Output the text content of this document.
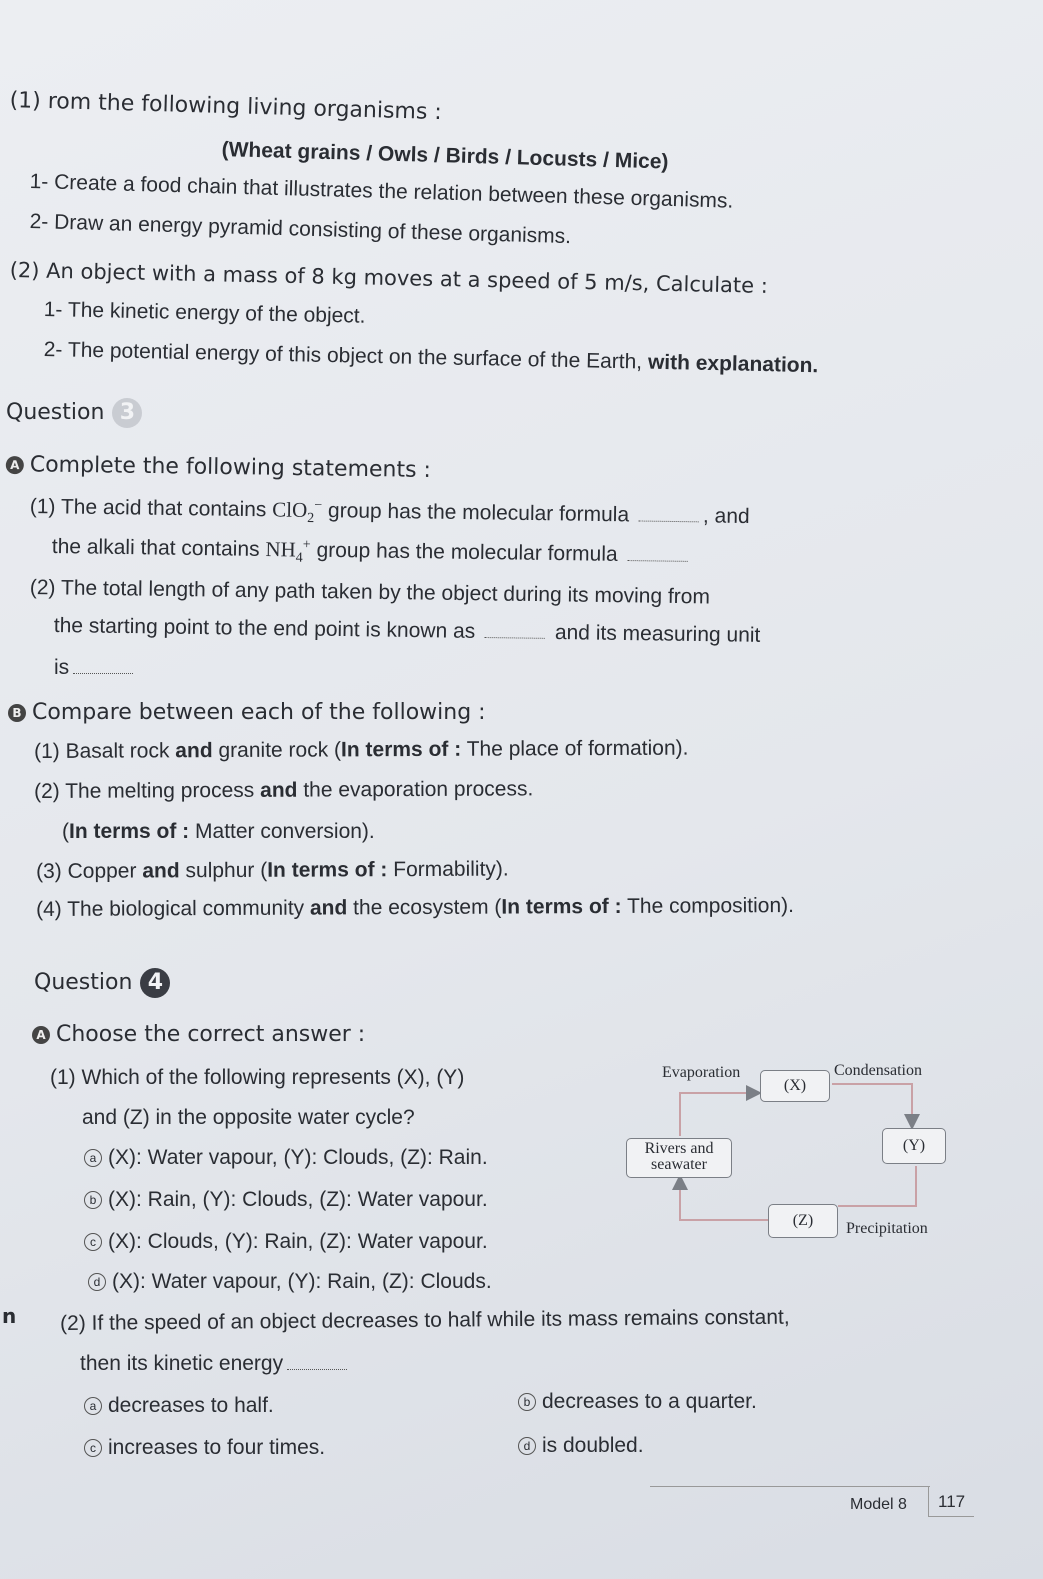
(1) rom the following living organisms :
(Wheat grains / Owls / Birds / Locusts / Mice)
1- Create a food chain that illustrates the relation between these organisms.
2- Draw an energy pyramid consisting of these organisms.
(2) An object with a mass of 8 kg moves at a speed of 5 m/s, Calculate :
1- The kinetic energy of the object.
2- The potential energy of this object on the surface of the Earth, with explanation.
Question 3
A Complete the following statements :
(1) The acid that contains ClO$_2$− group has the molecular formula	, and
the alkali that contains $NH_4^+$ group has the molecular formula
(2) The total length of any path taken by the object during its moving from
the starting point to the end point is known as	and its measuring unit
is
B Compare between each of the following :
(1) Basalt rock and granite rock (In terms of : The place of formation).
(2) The melting process and the evaporation process.
(In terms of : Matter conversion).
(3) Copper and sulphur (In terms of : Formability).
(4) The biological community and the ecosystem (In terms of : The composition).
Question 4
A Choose the correct answer :
(1) Which of the following represents (X), (Y)
and (Z) in the opposite water cycle?
a (X): Water vapour, (Y): Clouds, (Z): Rain.
b (X): Rain, (Y): Clouds, (Z): Water vapour.
c (X): Clouds, (Y): Rain, (Z): Water vapour.
d (X): Water vapour, (Y): Rain, (Z): Clouds.
n (2) If the speed of an object decreases to half while its mass remains constant,
then its kinetic energy
a decreases to half.	b decreases to a quarter.
c increases to four times.	d is doubled.
Evaporation	Condensation
(X)
(Y)
(Z)
Rivers and
seawater
Precipitation
Model 8 117
